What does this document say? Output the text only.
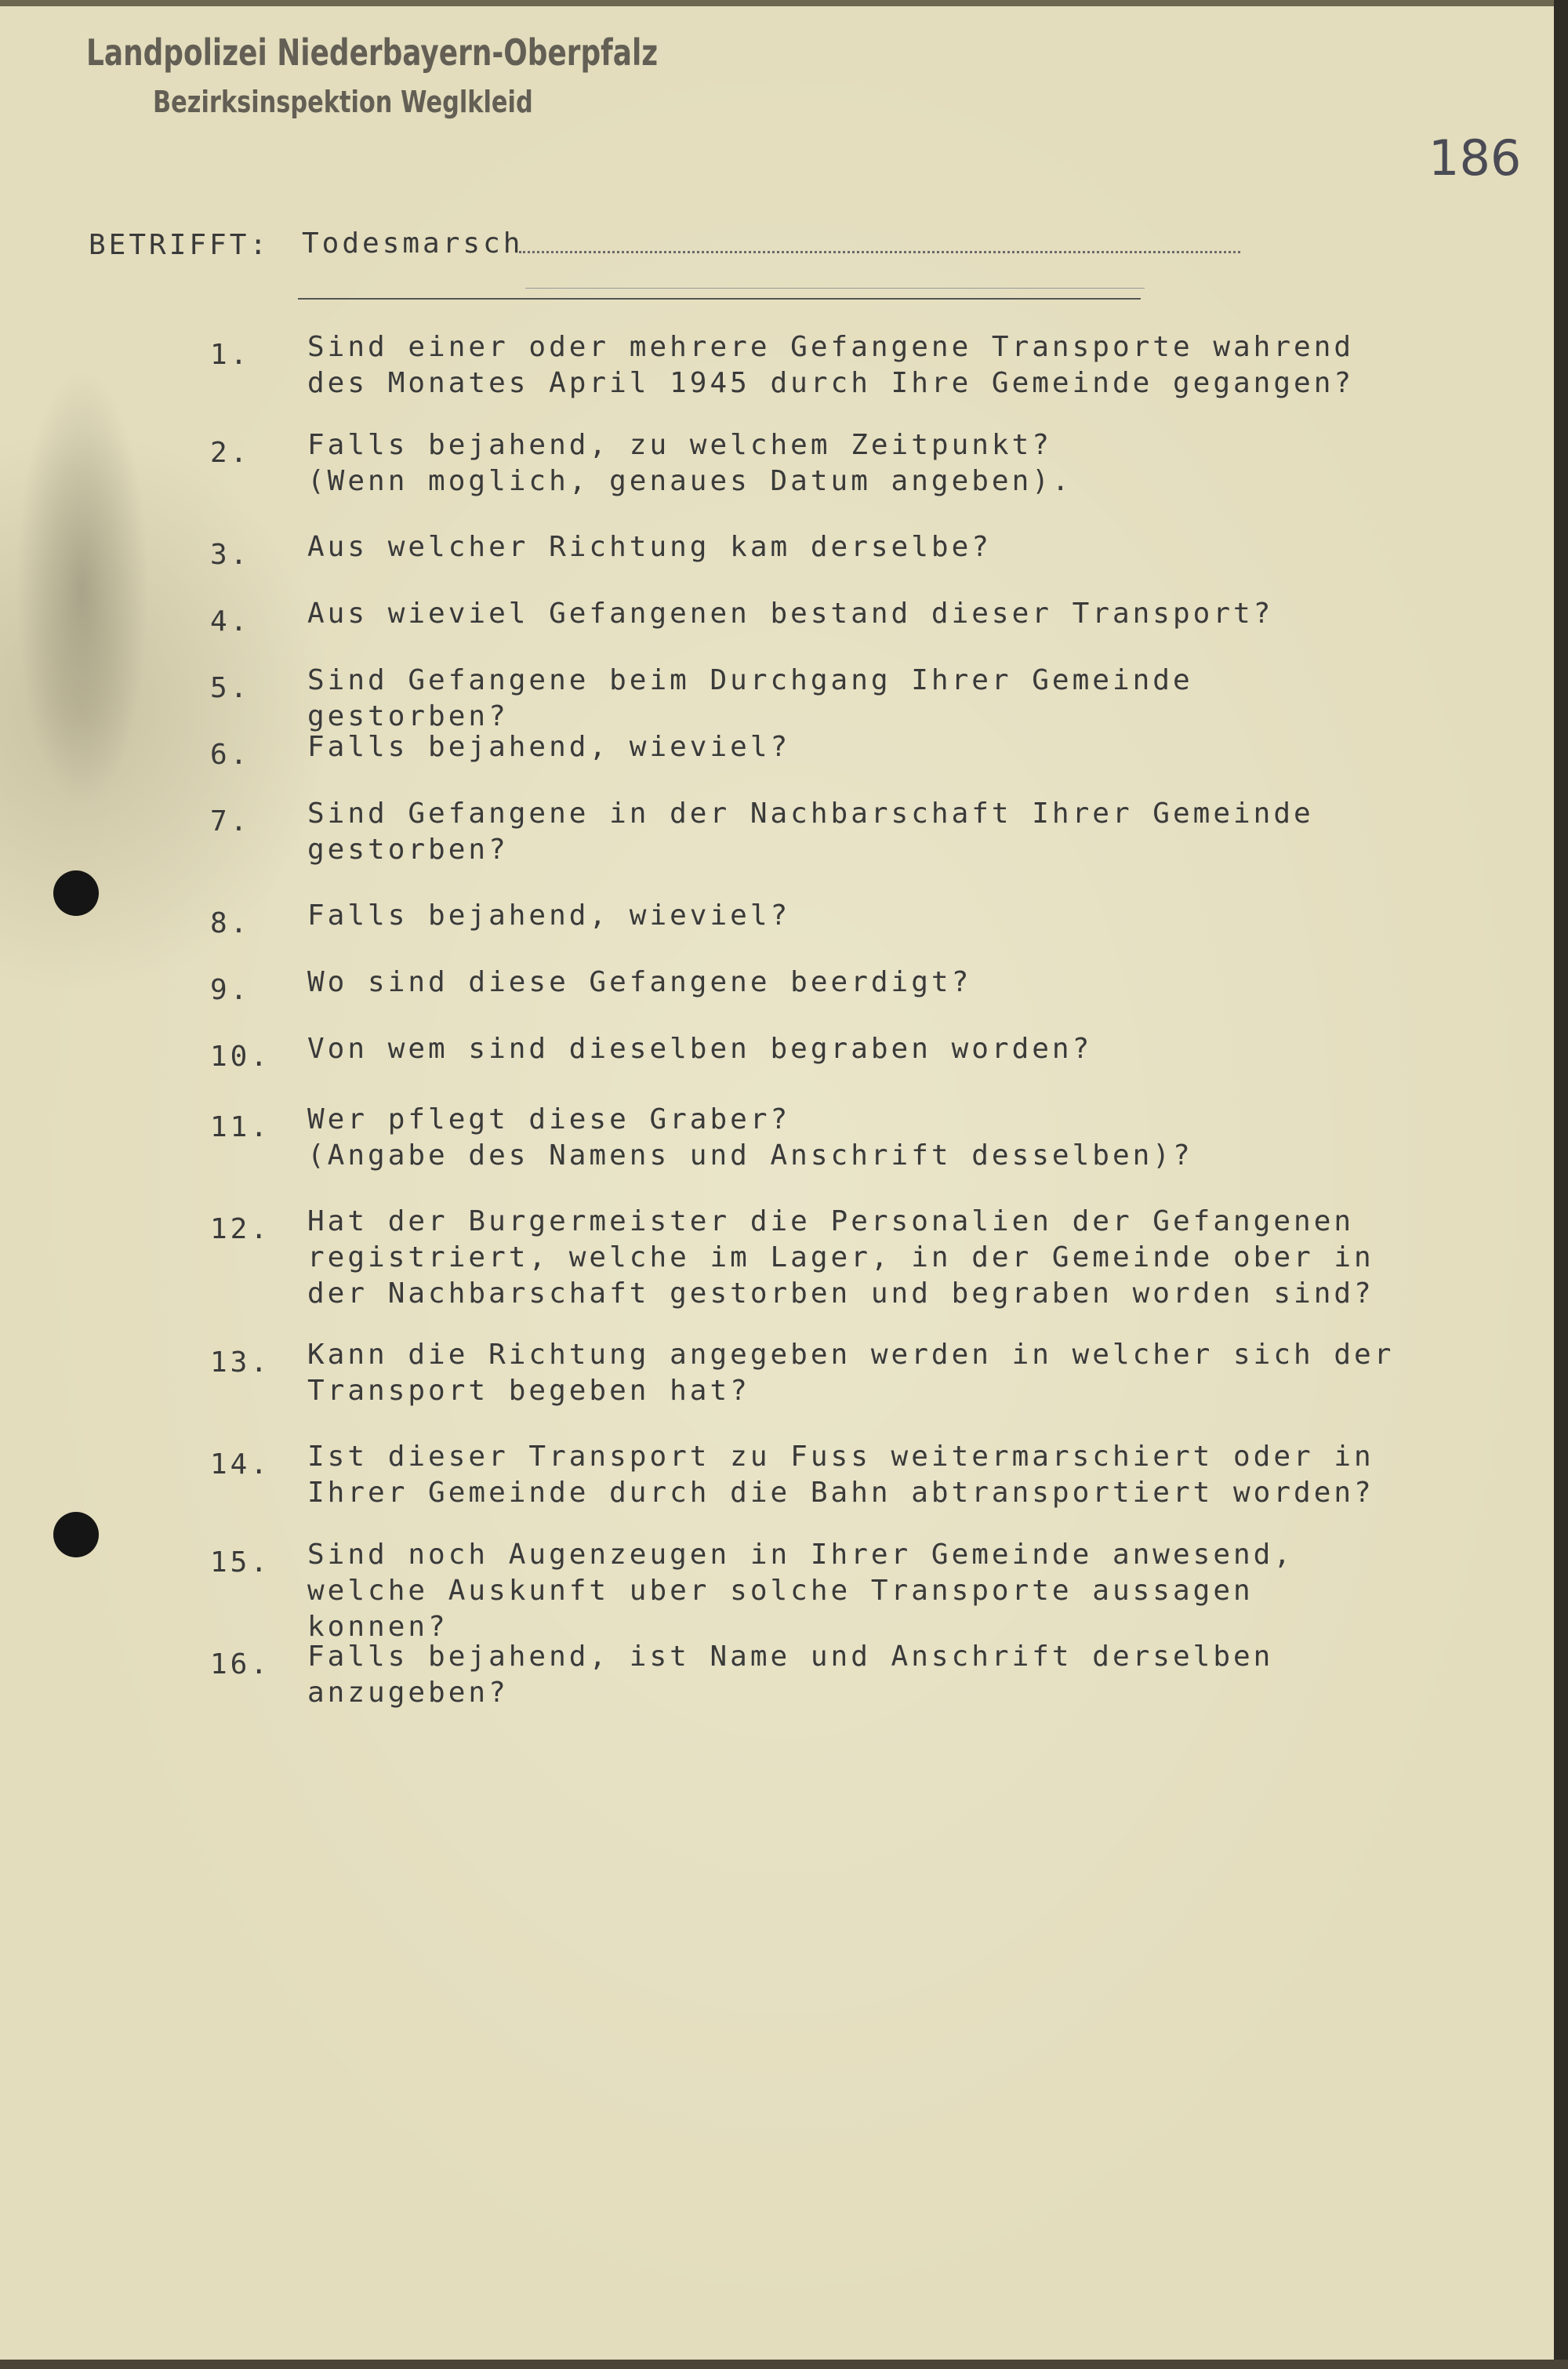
Landpolizei Niederbayern-Oberpfalz
Bezirksinspektion Weglkleid
186
BETRIFFT: Todesmarsch
1. Sind einer oder mehrere Gefangene Transporte wahrend
des Monates April 1945 durch Ihre Gemeinde gegangen?
2. Falls bejahend, zu welchem Zeitpunkt?
(Wenn moglich, genaues Datum angeben).
3. Aus welcher Richtung kam derselbe?
4. Aus wieviel Gefangenen bestand dieser Transport?
5. Sind Gefangene beim Durchgang Ihrer Gemeinde gestorben?
6. Falls bejahend, wieviel?
7. Sind Gefangene in der Nachbarschaft Ihrer Gemeinde
gestorben?
8. Falls bejahend, wieviel?
9. Wo sind diese Gefangene beerdigt?
10. Von wem sind dieselben begraben worden?
11. Wer pflegt diese Graber?
(Angabe des Namens und Anschrift desselben)?
12. Hat der Burgermeister die Personalien der Gefangenen
registriert, welche im Lager, in der Gemeinde ober in
der Nachbarschaft gestorben und begraben worden sind?
13. Kann die Richtung angegeben werden in welcher sich der
Transport begeben hat?
14. Ist dieser Transport zu Fuss weitermarschiert oder in
Ihrer Gemeinde durch die Bahn abtransportiert worden?
15. Sind noch Augenzeugen in Ihrer Gemeinde anwesend,
welche Auskunft uber solche Transporte aussagen konnen?
16. Falls bejahend, ist Name und Anschrift derselben
anzugeben?
